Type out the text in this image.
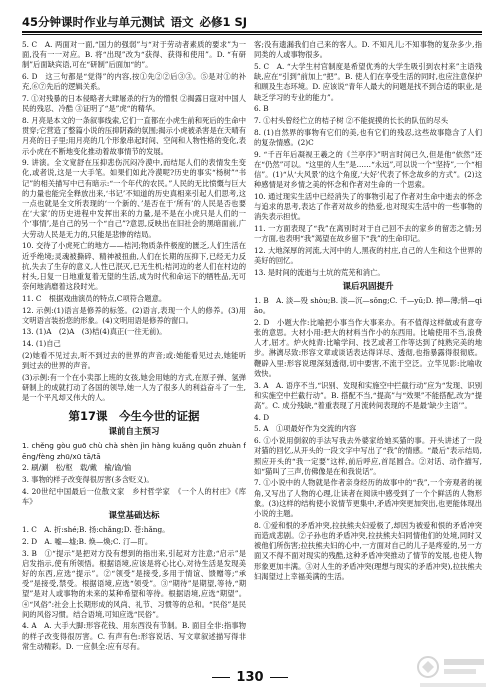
45分钟课时作业与单元测试 语文 必修1 SJ

5. C　A. 两面对一面,“国力的强弱”与“对于劳动者素质的要求”为一面,没有一一对应。B. 将“出现”改为“获得、获得和使用”。D. “有研制”后面缺宾语,可在“研制”后面加“的”。

6. D　这三句都是“觉得”的内容,按①先②②后③③。⑤是对①的补充,⑥⑦先后的逻辑关系。

7. ①对残暴的日本侵略者大肆屠杀的行为的憎恨 ②揭露日寇对中国人民的残忍、冷酷 ③证明了“是”虎“的精华。

8. 月亮是本文的一条叙事线索,它们一直都在小虎生前和死后的生命中贯穿;它营造了整篇小说的压抑阴森的氛围;揭示小虎被杀害是在天晴有月亮的日子里;用月亮的几个形象串起时间、空间和人物性格的变化,表示小虎在不断地变化推动着故事情节的发展。

9. 讲演。全文宽舒在压抑悲伤沉闷冷漠中,而结尾人们的表情发生变化,或者说,这是一大手笔。如果们如此冷漠呢?历史的事实“杨树”“书记”的相关描写中已有暗示:“一个年代的农民。”人民的无比愤慨与巨大的力量也能完全释放出来,‘书记’不知道的历史真相来引起人们思考,这一点也就是全文所表现的‘一个新的、’是否在于‘所有’的人民是否也要在‘大家’的历史进程中发挥出来的力量,是不是在小虎只是人们的一个‘事情’,是自己的另一个“自己”?意思,反映出在旧社会的黑暗面前,广大劳动人民是无力的,只能是悲惨的结局。

10. 交待了小虎死亡的地方——桔河;物质条件极度的匮乏,人们生活在近乎绝境;灵魂被撕碎、精神被扭曲,人们在长期的压抑下,已经无力反抗,失去了生存的意义,人性已泯灭,已无生机;桔河边的老人们在村边的村头,日复一日地重复着无望的生活,成为时代和命运下的牺牲品,无可奈何地消磨着这段时光。

11. C　根据戏曲演员的特点,C项符合题意。

12. 示例:(1)语言是修养的标签。(2)语言,表现一个人的修养。(3)用文明语言装扮您的形象。(4)文明用语是修养的窗口。

13. (1)A　(2)A　(3)桔(4)真正(一往无前)。

14. (1)自己

(2)她看不见过去,听不到过去的世界的声音;或:她能看见过去,她能听到过去的世界的声音。

(3)示例:有一个在小卖部上班的女孩,她会用她的方式,在原子弹、氢弹研制上的成就打动了各国的领导,她一人为了很多人的利益奋斗了一生,是一个平凡却又伟大的人。

第17课　今生今世的证据
课前自主预习

1. chěng gòu guō chù chà shèn jìn hàng kuǎng quǒn zhuàn fēng/fèng zhū/xū tā/tā

2. 刷/涮　松/枢　载/戴　榆/谕/愉

3. 事物的样子改变得很厉害(多含贬义)。

4. 20世纪中国最后一位散文家　乡村哲学家　《一个人的村庄》《库车》

课堂基础达标

1. C　A. 折:shé;B. 扬:chǎng;D. 苍:hǎng。

2. D　A. 嘘—墟;B. 焕—煥;C. 汀—盯。

3. B　①“提示”是把对方没有想到的指出来,引起对方注意;“启示”是启发指示,使有所领悟。根据语境,应该是将心比心,对待生活是发现美好的东西,应选“提示”。②“领受”是接受,多用于情谊、馈赠等;“承受”是接受,禁受。根据语境,应选“领受”。③“期待”是期望,等待,“期望”是对人或事物的未来的某种希望和等待。根据语境,应选“期望”。④“风俗”:社会上长期形成的风尚、礼节、习惯等的总和。“民俗”是民间的风俗习惯。结合语境,可知应选“民俗”。

4. A　A. 大手大脚:形容花钱、用东西没有节制。B. 面目全非:指事物的样子改变得很厉害。C. 有声有色:形容说话、写文章叙述描写得非常生动精彩。D. 一应俱全:应有尽有。

客;没有遗漏我们自己来的客人。D. 不知凡儿;不知事物的复杂多少,指同类的人或事物很多。

5. C　A. “大学生村官制度是希望优秀的大学生吸引到农村来”主语残缺,应在“引到”前加上“把”。B. 使人们在享受生活的同时,也应注意保护和顾及生态环境。D. 应该说“青年人最大的问题是找不到合适的职业,是缺乏学习的专业的能力”。

6. B

7. ①村头曾经伫立的桔子树 ②不能捉摸的长长的队伍的尽头

8. (1)自然界的事物有它们的美,也有它们的残忍,这些故事隐含了人们的复杂情感。(2)C

9. “千百年后凝视王羲之的《兰亭序》”明言时间已久,但是他“依然”还在“仍然”可以。“这里的人生”是……“永远”,可以说一个“坚持”,一个“相信”。(1)“从‘大风景’的这个角度,‘大好’代表了怀念故乡的方式”。(2)这种感情是对乡情之美的怀念和作者对生命的一个思索。

10. 通过现实生活中已经消失了的事物引起了作者对生命中逝去的怀念与追求的思考,表达了作者对故乡的热爱,也对现实生活中的一些事物的消失表示担忧。

11. 一方面表现了“我”在离别时对于自己回不去的家乡的留恋之情;另一方面,也表明“我”渴望在故乡留下“我”的生命印记。

12. 大地深厚的河流,大河中的人,黑夜的村庄,自己的人生和这个世界的美好的回忆。

13. 是时间的流逝与土坑的荒芜和消亡。

课后巩固提升

1. B　A. 淡—殁 shòu;B. 淡—沉—sǒng;C. 千—yū;D. 掉—薄;悄—qiāo。

2. D　小题大作:比喻把小事当作大事来办。有不值得这样做或有意夸张的意思。大材小用:把大的材料当作小的东西用。比喻使用不当,浪费人才,屈才。炉火纯青:比喻学问、技艺或者工作等达到了纯熟完美的地步。淋漓尽致:形容文章或谈话表达得详尽、透彻,也指暴露得很彻底。鞭辟入里:形容说理深刻透彻,切中要害,不流于空泛。立竿见影:比喻收效快。

3. A　A. 语序不当,“识别、发现和实施空中拦截行动”应为“发现、识别和实施空中拦截行动”。B. 搭配不当,“提高”与“效果”不能搭配,改为“提高”。C. 成分残缺,“着重表现了月流转间表现的不是最‘缺少主语’”。

4. D

5. A　①项最好作为交流的内容

6. ①小说用倒叙的手法写我去外婆家给她买猫的事。开头讲述了一段对猫的回忆,从开头的一段文字中写出了“我”的情感。“最后”表示结局,照应开头的“我一定要”这样,前后呼应,首尾圆合。②对话、动作描写,如“猫叫了三声,仿佛像是在和我说话”。

7. ①小说中的人物就是作者亲身经历的故事中的“我”,一个旁观者的视角,又写出了人物的心理,让读者在阅读中感受到了一个个鲜活的人物形象。(3)这样的结构使小说情节更集中,矛盾冲突更加突出,也更能体现出小说的主题。

8. ①爱和恨的矛盾冲突,拉扶熊夫妇爱极了,却因为被爱和恨的矛盾冲突而造成悲剧。②子孙也的矛盾冲突,拉扶熊夫妇同情他们的处境,同时又被他们所伤害;拉扶熊夫妇的心中,一方面对自己的儿子是疼爱的,另一方面又不得不面对现实的残酷,这种矛盾冲突推动了情节的发展,也使人物形象更加丰满。③对人生的矛盾冲突(理想与现实的矛盾冲突),拉扶熊夫妇渴望过上幸福美满的生活。

130
